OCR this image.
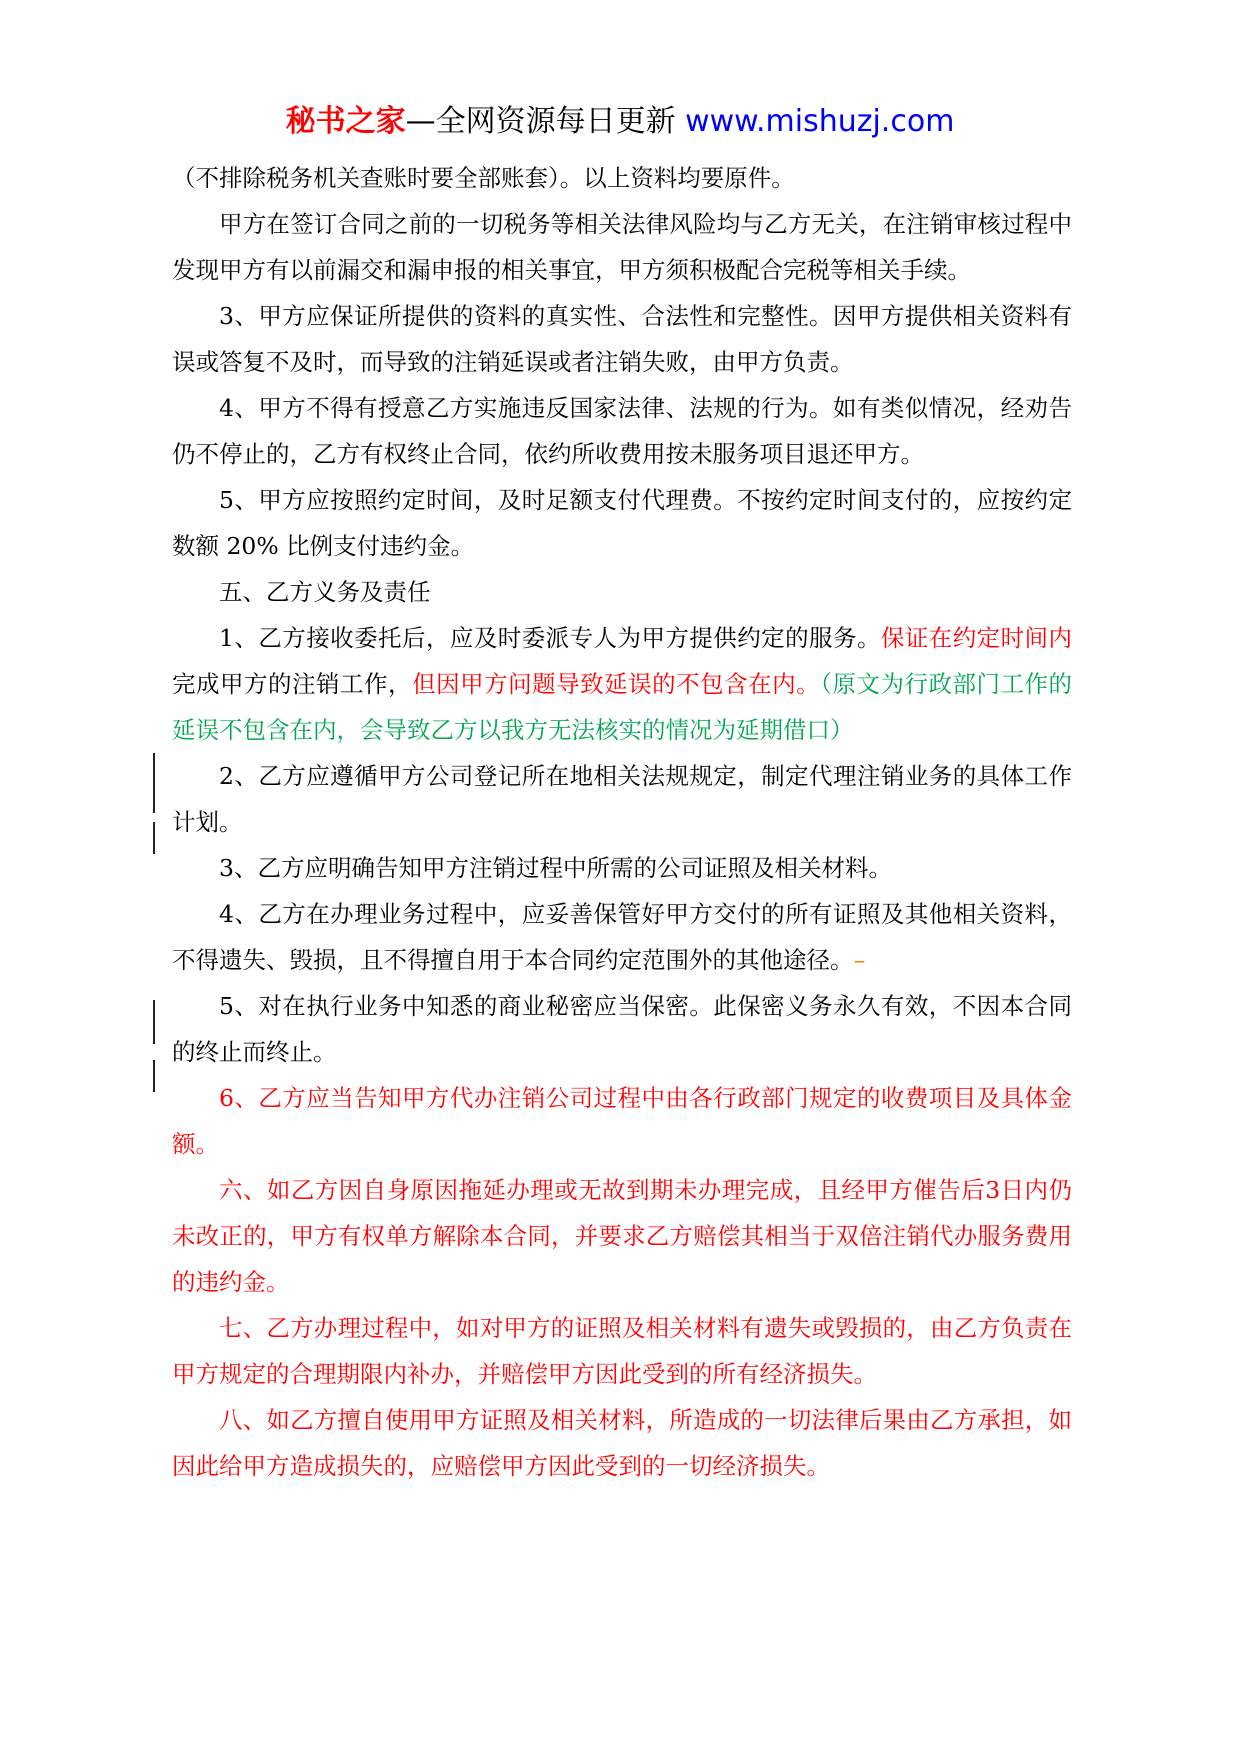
秘书之家—全网资源每日更新 www.mishuzj.com

（不排除税务机关查账时要全部账套）。以上资料均要原件。

甲方在签订合同之前的一切税务等相关法律风险均与乙方无关，在注销审核过程中发现甲方有以前漏交和漏申报的相关事宜，甲方须积极配合完税等相关手续。

3、甲方应保证所提供的资料的真实性、合法性和完整性。因甲方提供相关资料有误或答复不及时，而导致的注销延误或者注销失败，由甲方负责。

4、甲方不得有授意乙方实施违反国家法律、法规的行为。如有类似情况，经劝告仍不停止的，乙方有权终止合同，依约所收费用按未服务项目退还甲方。

5、甲方应按照约定时间，及时足额支付代理费。不按约定时间支付的，应按约定数额 20% 比例支付违约金。

五、乙方义务及责任

1、乙方接收委托后，应及时委派专人为甲方提供约定的服务。保证在约定时间内完成甲方的注销工作，但因甲方问题导致延误的不包含在内。（原文为行政部门工作的延误不包含在内，会导致乙方以我方无法核实的情况为延期借口）

2、乙方应遵循甲方公司登记所在地相关法规规定，制定代理注销业务的具体工作计划。

3、乙方应明确告知甲方注销过程中所需的公司证照及相关材料。

4、乙方在办理业务过程中，应妥善保管好甲方交付的所有证照及其他相关资料，不得遗失、毁损，且不得擅自用于本合同约定范围外的其他途径。–

5、对在执行业务中知悉的商业秘密应当保密。此保密义务永久有效，不因本合同的终止而终止。

6、乙方应当告知甲方代办注销公司过程中由各行政部门规定的收费项目及具体金额。

六、如乙方因自身原因拖延办理或无故到期未办理完成，且经甲方催告后3日内仍未改正的，甲方有权单方解除本合同，并要求乙方赔偿其相当于双倍注销代办服务费用的违约金。

七、乙方办理过程中，如对甲方的证照及相关材料有遗失或毁损的，由乙方负责在甲方规定的合理期限内补办，并赔偿甲方因此受到的所有经济损失。

八、如乙方擅自使用甲方证照及相关材料，所造成的一切法律后果由乙方承担，如因此给甲方造成损失的，应赔偿甲方因此受到的一切经济损失。
